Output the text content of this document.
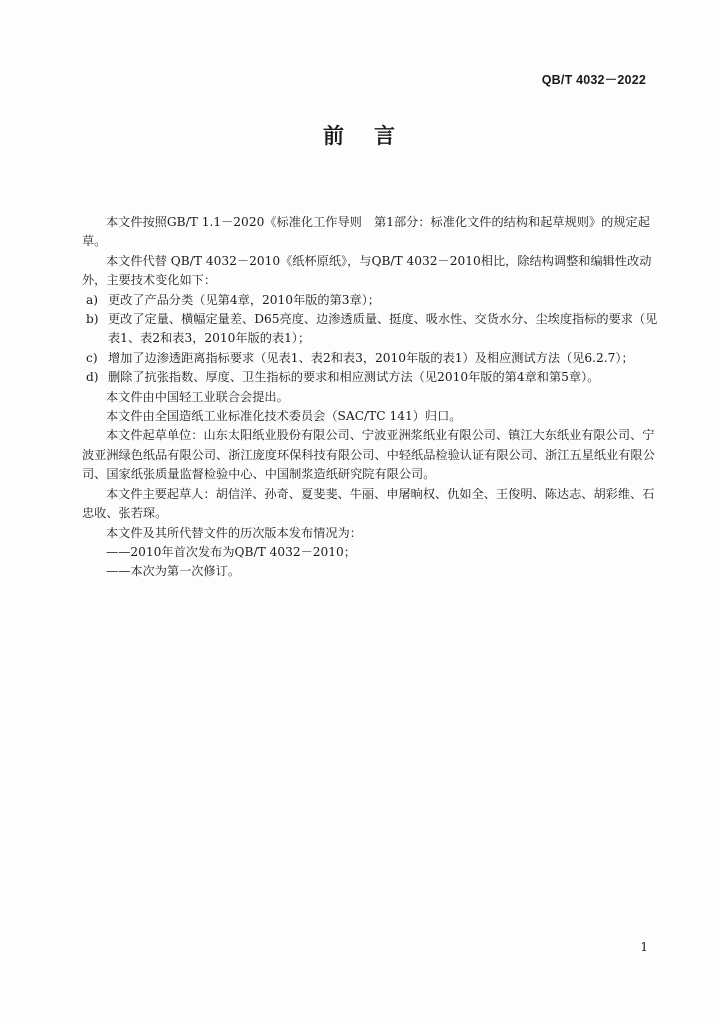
QB/T 4032－2022
前言

本文件按照GB/T 1.1－2020《标准化工作导则　第1部分：标准化文件的结构和起草规则》的规定起草。

本文件代替 QB/T 4032－2010《纸杯原纸》，与QB/T 4032－2010相比，除结构调整和编辑性改动外，主要技术变化如下：

a) 更改了产品分类（见第4章，2010年版的第3章）；
b) 更改了定量、横幅定量差、D65亮度、边渗透质量、挺度、吸水性、交货水分、尘埃度指标的要求（见表1、表2和表3，2010年版的表1）；
c) 增加了边渗透距离指标要求（见表1、表2和表3，2010年版的表1）及相应测试方法（见6.2.7）；
d) 删除了抗张指数、厚度、卫生指标的要求和相应测试方法（见2010年版的第4章和第5章）。

本文件由中国轻工业联合会提出。

本文件由全国造纸工业标准化技术委员会（SAC/TC 141）归口。

本文件起草单位：山东太阳纸业股份有限公司、宁波亚洲浆纸业有限公司、镇江大东纸业有限公司、宁波亚洲绿色纸品有限公司、浙江庞度环保科技有限公司、中轻纸品检验认证有限公司、浙江五星纸业有限公司、国家纸张质量监督检验中心、中国制浆造纸研究院有限公司。

本文件主要起草人：胡信洋、孙奇、夏斐斐、牛丽、申屠晌权、仇如全、王俊明、陈达志、胡彩维、石忠收、张若琛。

本文件及其所代替文件的历次版本发布情况为：

——2010年首次发布为QB/T 4032－2010；

——本次为第一次修订。

1
